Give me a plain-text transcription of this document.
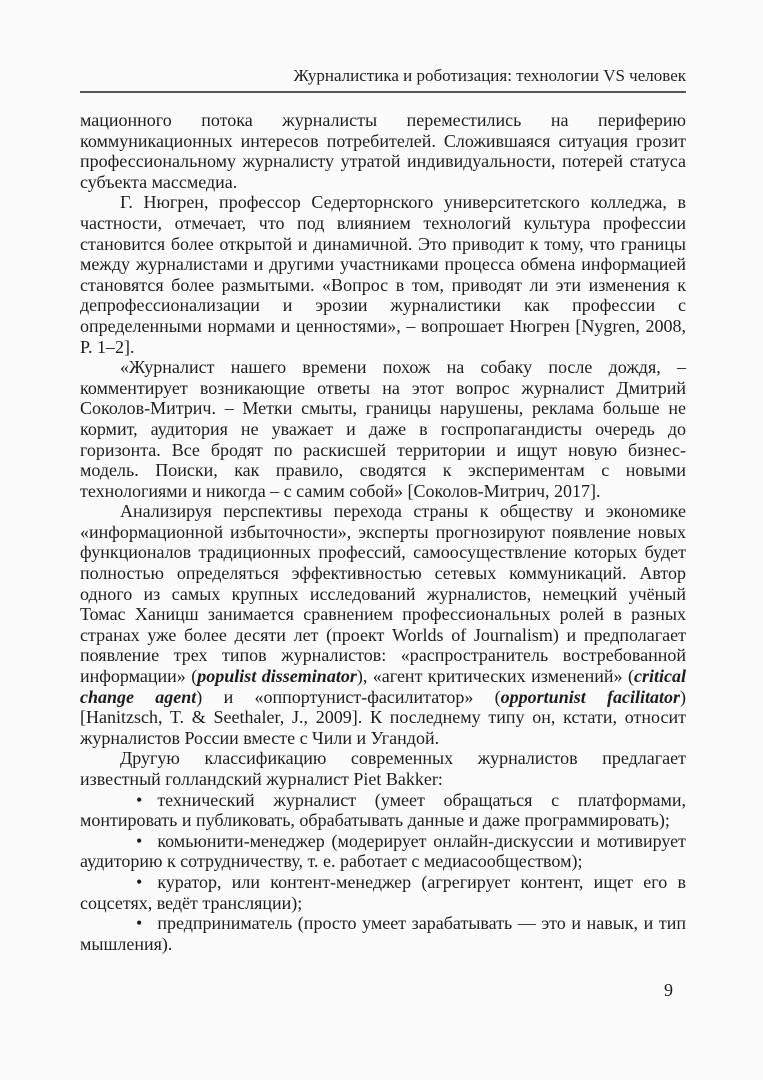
Журналистика и роботизация: технологии VS человек

мационного потока журналисты переместились на периферию коммуникационных интересов потребителей. Сложившаяся ситуация грозит профессиональному журналисту утратой индивидуальности, потерей статуса субъекта массмедиа.

Г. Нюгрен, профессор Седерторнского университетского колледжа, в частности, отмечает, что под влиянием технологий культура профессии становится более открытой и динамичной. Это приводит к тому, что границы между журналистами и другими участниками процесса обмена информацией становятся более размытыми. «Вопрос в том, приводят ли эти изменения к депрофессионализации и эрозии журналистики как профессии с определенными нормами и ценностями», – вопрошает Нюгрен [Nygren, 2008, P. 1–2].

«Журналист нашего времени похож на собаку после дождя, – комментирует возникающие ответы на этот вопрос журналист Дмитрий Соколов-Митрич. – Метки смыты, границы нарушены, реклама больше не кормит, аудитория не уважает и даже в госпропагандисты очередь до горизонта. Все бродят по раскисшей территории и ищут новую бизнес-модель. Поиски, как правило, сводятся к экспериментам с новыми технологиями и никогда – с самим собой» [Соколов-Митрич, 2017].

Анализируя перспективы перехода страны к обществу и экономике «информационной избыточности», эксперты прогнозируют появление новых функционалов традиционных профессий, самоосуществление которых будет полностью определяться эффективностью сетевых коммуникаций. Автор одного из самых крупных исследований журналистов, немецкий учёный Томас Ханицш занимается сравнением профессиональных ролей в разных странах уже более десяти лет (проект Worlds of Journalism) и предполагает появление трех типов журналистов: «распространитель востребованной информации» (populist disseminator), «агент критических изменений» (critical change agent) и «оппортунист-фасилитатор» (opportunist facilitator) [Hanitzsch, T. & Seethaler, J., 2009]. К последнему типу он, кстати, относит журналистов России вместе с Чили и Угандой.

Другую классификацию современных журналистов предлагает известный голландский журналист Piet Bakker:

• технический журналист (умеет обращаться с платформами, монтировать и публиковать, обрабатывать данные и даже программировать);

• комьюнити-менеджер (модерирует онлайн-дискуссии и мотивирует аудиторию к сотрудничеству, т. е. работает с медиасообществом);

• куратор, или контент-менеджер (агрегирует контент, ищет его в соцсетях, ведёт трансляции);

• предприниматель (просто умеет зарабатывать — это и навык, и тип мышления).

9
